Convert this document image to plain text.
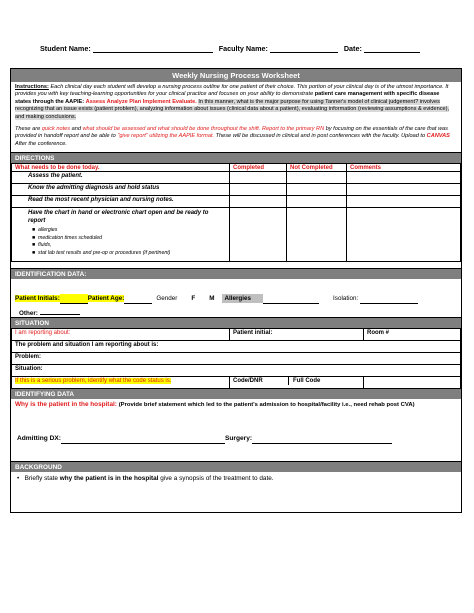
Student Name:	Faculty Name:	Date:
Weekly Nursing Process Worksheet
Instructions: Each clinical day each student will develop a nursing process outline for one patient of their choice. This portion of your clinical day is of the utmost importance. It provides you with key teaching-learning opportunities for your clinical practice and focuses on your ability to demonstrate patient care management with specific disease states through the AAPIE: Assess Analyze Plan Implement Evaluate. In this manner, what is the major purpose for using Tanner's model of clinical judgement? involves recognizing that an issue exists (patient problem), analyzing information about issues (clinical data about a patient), evaluating information (reviewing assumptions & evidence), and making conclusions.
These are quick notes and what should be assessed and what should be done throughout the shift. Report to the primary RN by focusing on the essentials of the care that was provided in handoff report and be able to "give report" utilizing the AAPIE format. These will be discussed in clinical and in post conferences with the faculty. Upload to CANVAS After the conference.
DIRECTIONS
What needs to be done today.	Completed	Not Completed	Comments
Assess the patient.			
Know the admitting diagnosis and hold status			
Read the most recent physician and nursing notes.			

Have the chart in hand or electronic chart open and be ready to report
■  allergies
■  medication times scheduled
■  fluids,
■  stat lab test results and pre-op or procedures (if pertinent)			

IDENTIFICATION DATA:
Patient Initials:	Patient Age:	Gender F M	Allergies	Isolation:
Other:
SITUATION
I am reporting about:	Patient initial:	Room #
The problem and situation I am reporting about is:		
Problem:		
Situation:		
If this is a serious problem, identify what the code status is.	Code/DNR Full Code	

IDENTIFYING DATA
Why is the patient in the hospital: (Provide brief statement which led to the patient's admission to hospital/facility i.e., need rehab post CVA)
Admitting DX:	Surgery:
BACKGROUND
•   Briefly state why the patient is in the hospital give a synopsis of the treatment to date.
